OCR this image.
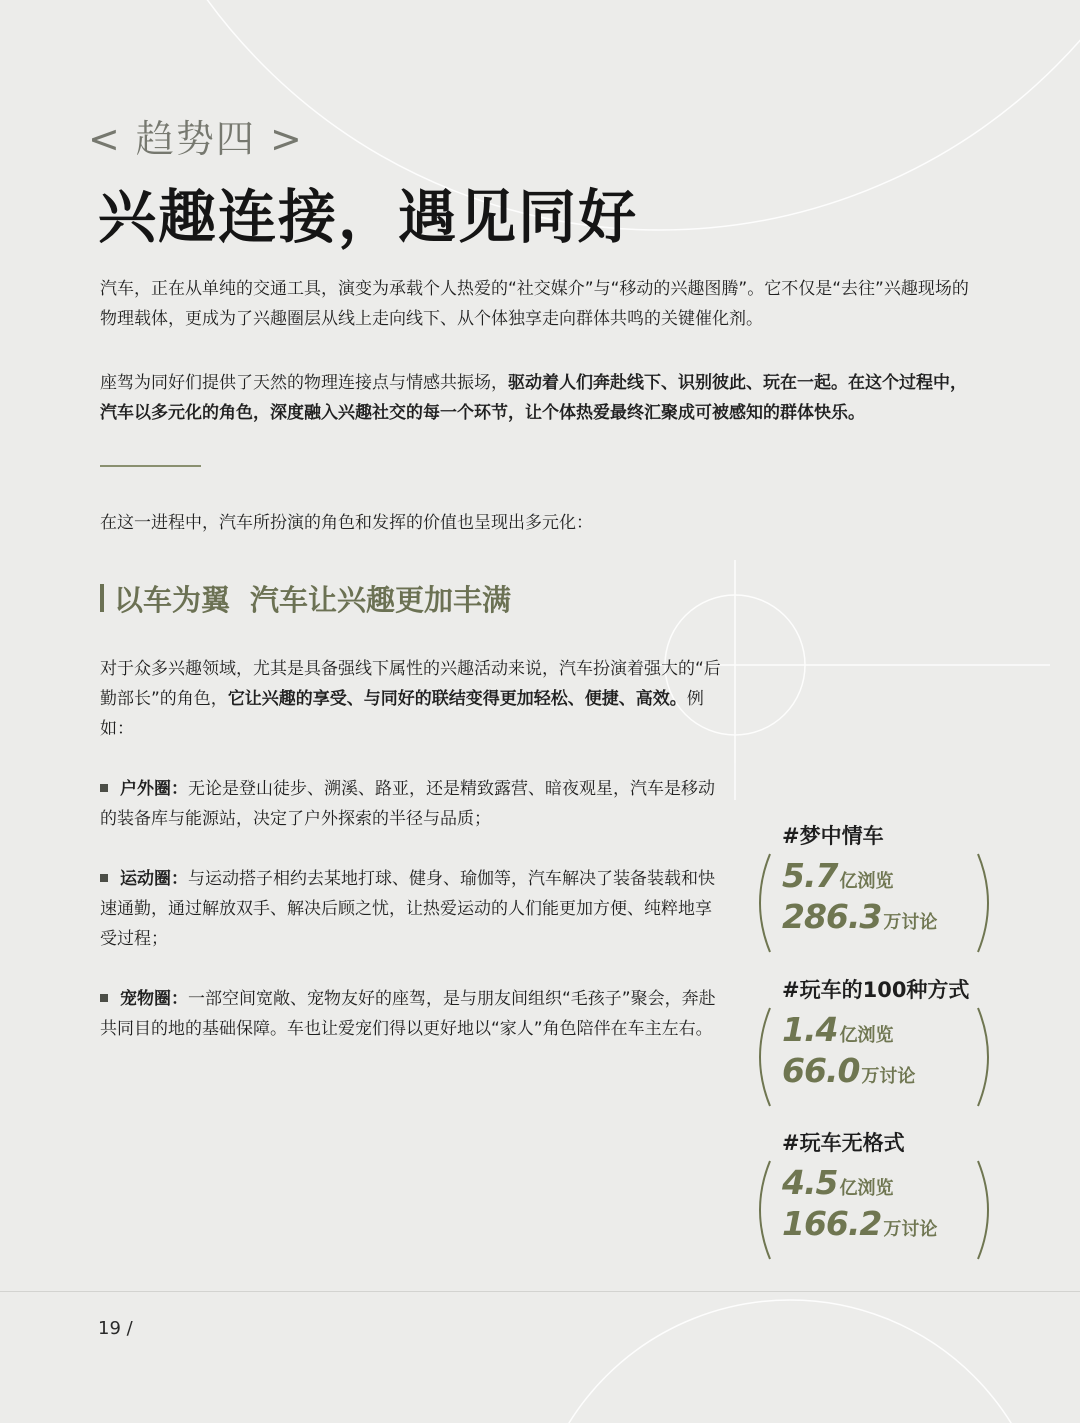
< 趋势四 >
兴趣连接，遇见同好

汽车，正在从单纯的交通工具，演变为承载个人热爱的“社交媒介”与“移动的兴趣图腾”。它不仅是“去往”兴趣现场的物理载体，更成为了兴趣圈层从线上走向线下、从个体独享走向群体共鸣的关键催化剂。

座驾为同好们提供了天然的物理连接点与情感共振场，驱动着人们奔赴线下、识别彼此、玩在一起。在这个过程中，汽车以多元化的角色，深度融入兴趣社交的每一个环节，让个体热爱最终汇聚成可被感知的群体快乐。

在这一进程中，汽车所扮演的角色和发挥的价值也呈现出多元化：

以车为翼 汽车让兴趣更加丰满

对于众多兴趣领域，尤其是具备强线下属性的兴趣活动来说，汽车扮演着强大的“后勤部长”的角色，它让兴趣的享受、与同好的联结变得更加轻松、便捷、高效。例如：

户外圈：无论是登山徒步、溯溪、路亚，还是精致露营、暗夜观星，汽车是移动的装备库与能源站，决定了户外探索的半径与品质；

运动圈：与运动搭子相约去某地打球、健身、瑜伽等，汽车解决了装备装载和快速通勤，通过解放双手、解决后顾之忧，让热爱运动的人们能更加方便、纯粹地享受过程；

宠物圈：一部空间宽敞、宠物友好的座驾，是与朋友间组织“毛孩子”聚会，奔赴共同目的地的基础保障。车也让爱宠们得以更好地以“家人”角色陪伴在车主左右。

#梦中情车
5.7 亿浏览
286.3 万讨论
#玩车的100种方式
1.4 亿浏览
66.0 万讨论
#玩车无格式
4.5 亿浏览
166.2 万讨论
19 /
